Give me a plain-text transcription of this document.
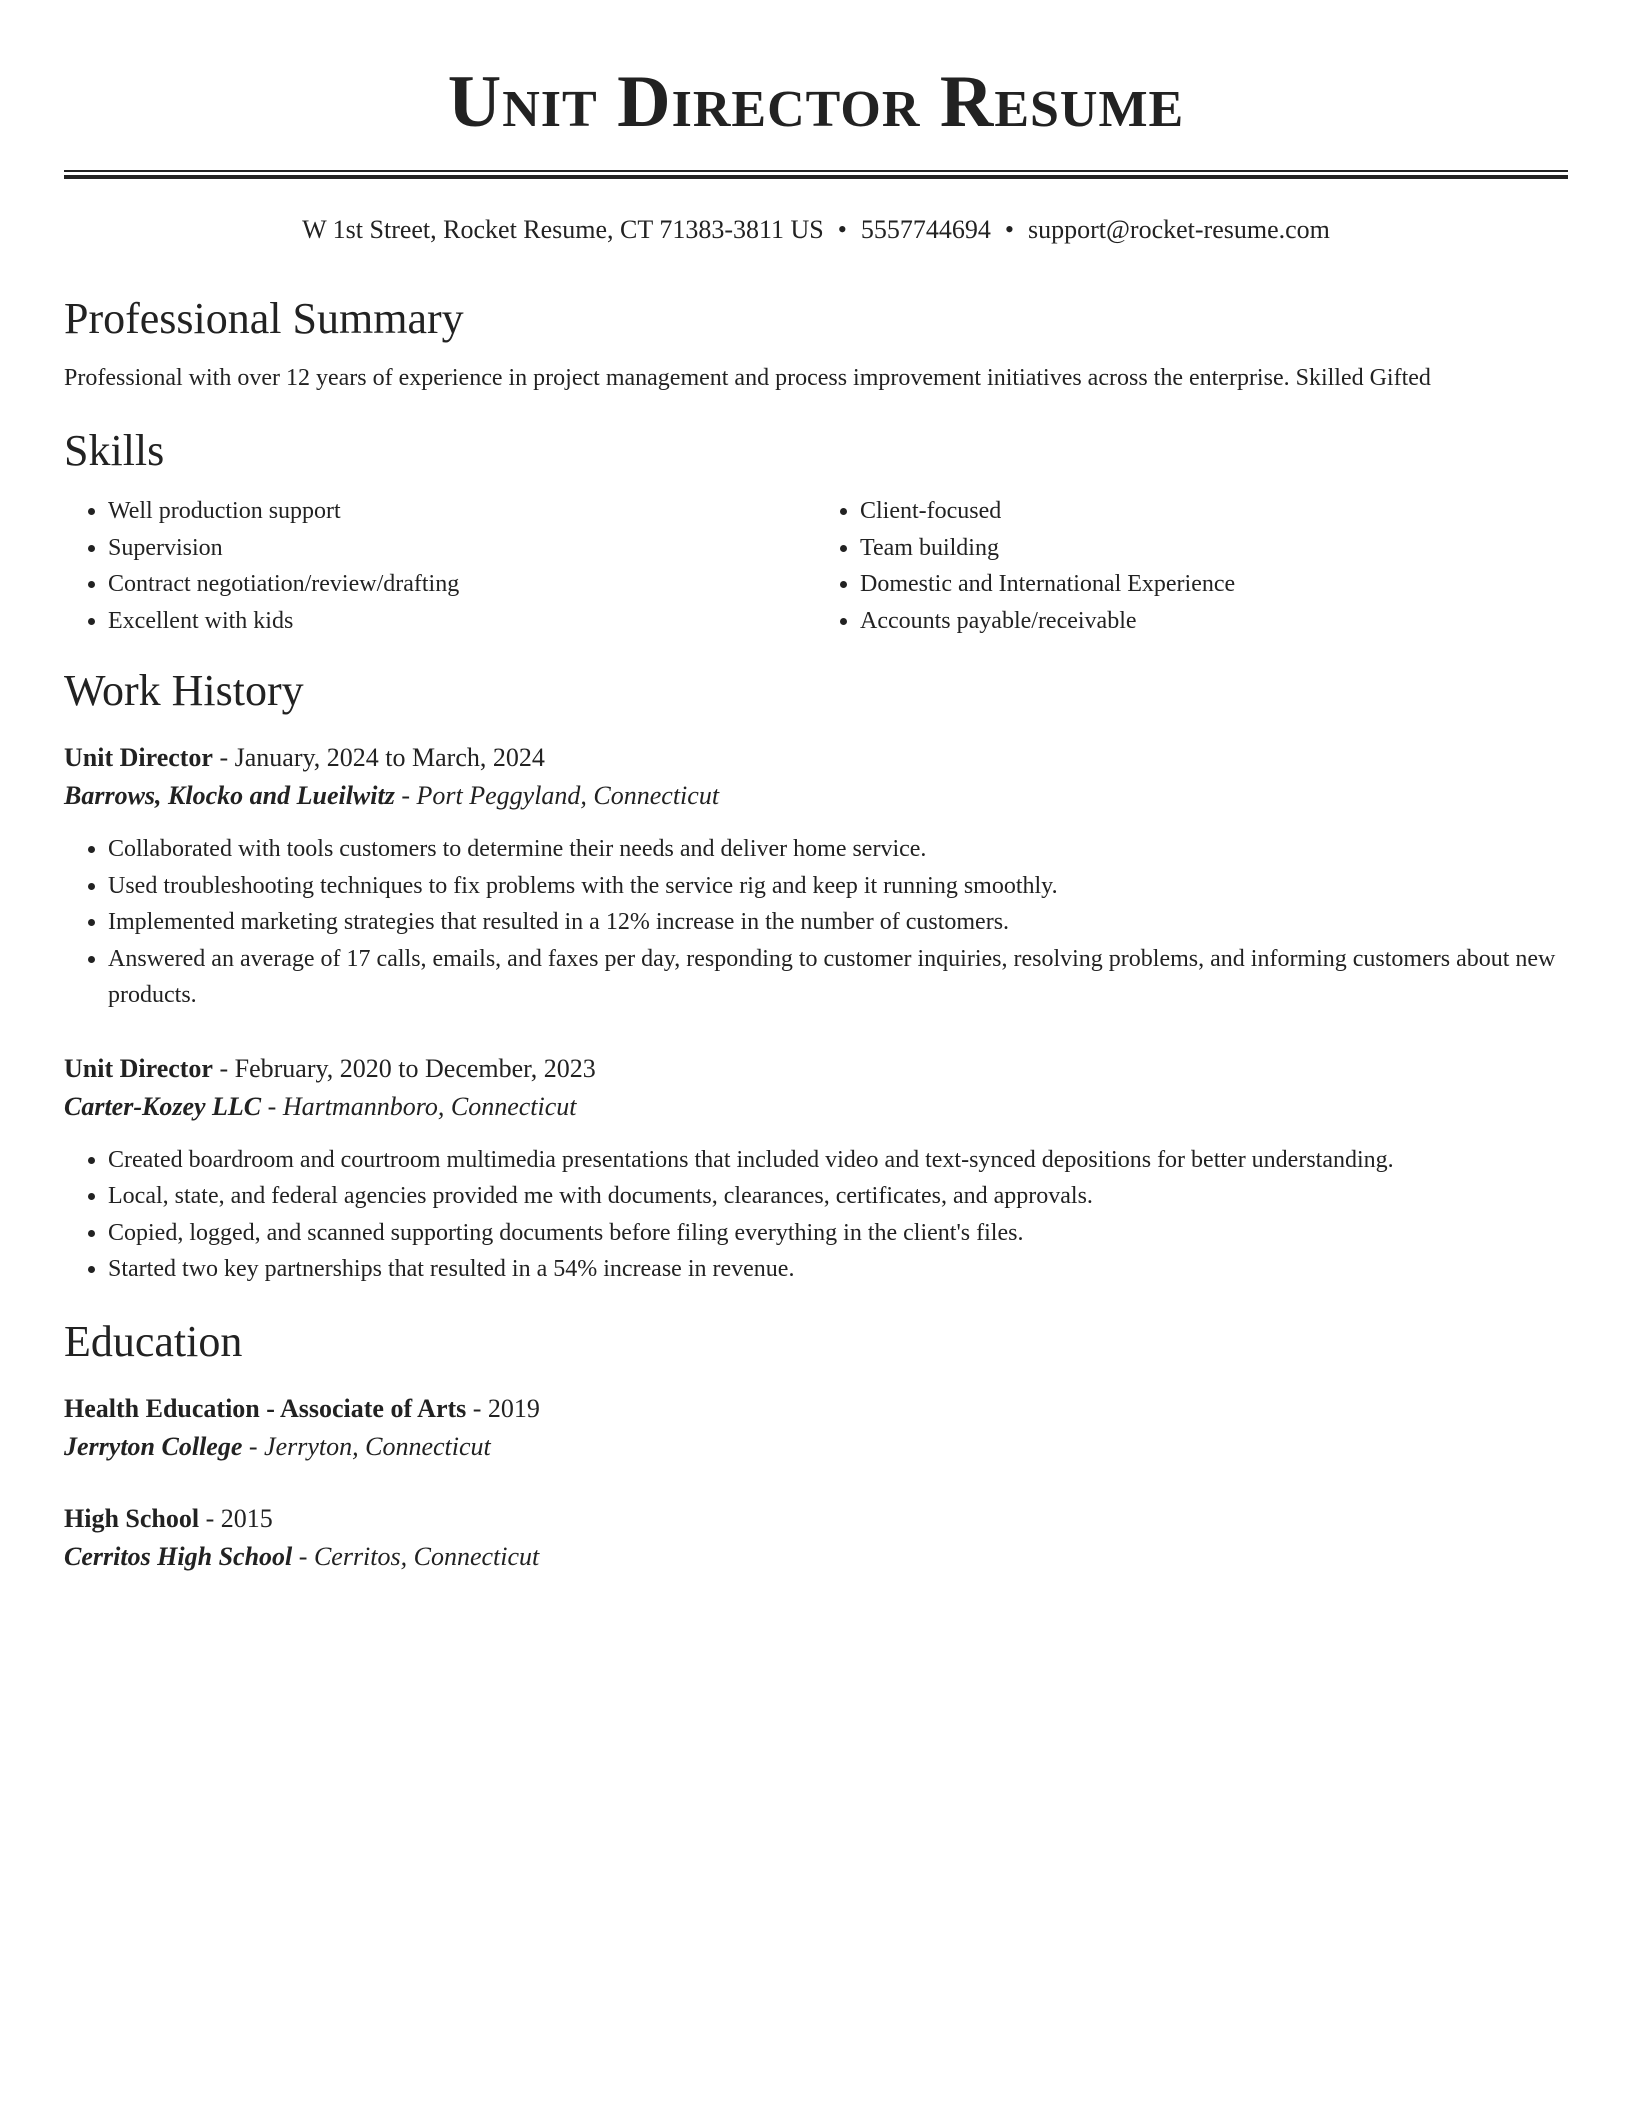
Unit Director Resume
W 1st Street, Rocket Resume, CT 71383-3811 US • 5557744694 • support@rocket-resume.com
Professional Summary

Professional with over 12 years of experience in project management and process improvement initiatives across the enterprise. Skilled Gifted

Skills
• Well production support
• Supervision
• Contract negotiation/review/drafting
• Excellent with kids
• Client-focused
• Team building
• Domestic and International Experience
• Accounts payable/receivable
Work History
Unit Director - January, 2024 to March, 2024
Barrows, Klocko and Lueilwitz - Port Peggyland, Connecticut
• Collaborated with tools customers to determine their needs and deliver home service.
• Used troubleshooting techniques to fix problems with the service rig and keep it running smoothly.
• Implemented marketing strategies that resulted in a 12% increase in the number of customers.
• Answered an average of 17 calls, emails, and faxes per day, responding to customer inquiries, resolving problems, and informing customers about new products.
Unit Director - February, 2020 to December, 2023
Carter-Kozey LLC - Hartmannboro, Connecticut
• Created boardroom and courtroom multimedia presentations that included video and text-synced depositions for better understanding.
• Local, state, and federal agencies provided me with documents, clearances, certificates, and approvals.
• Copied, logged, and scanned supporting documents before filing everything in the client's files.
• Started two key partnerships that resulted in a 54% increase in revenue.
Education
Health Education - Associate of Arts - 2019
Jerryton College - Jerryton, Connecticut
High School - 2015
Cerritos High School - Cerritos, Connecticut
